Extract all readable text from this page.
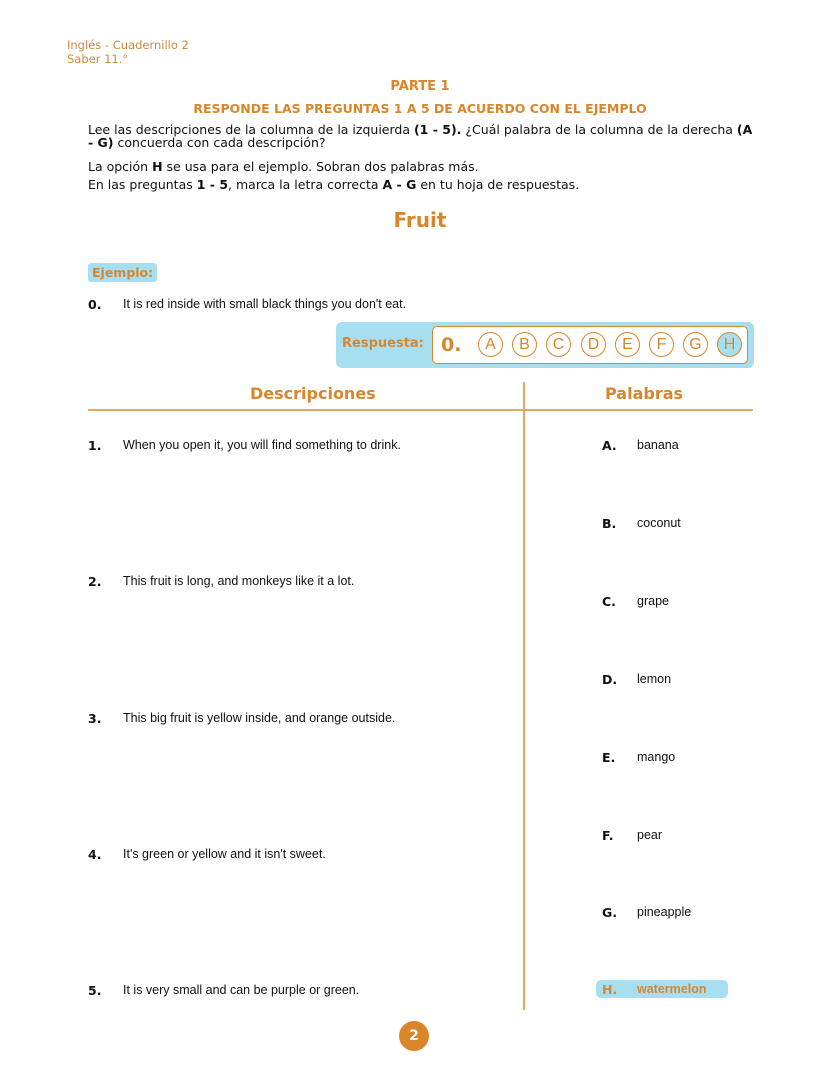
Inglés - Cuadernillo 2
Saber 11.°
PARTE 1
RESPONDE LAS PREGUNTAS 1 A 5 DE ACUERDO CON EL EJEMPLO
Lee las descripciones de la columna de la izquierda (1 - 5). ¿Cuál palabra de la columna de la derecha (A - G) concuerda con cada descripción?
La opción H se usa para el ejemplo. Sobran dos palabras más.
En las preguntas 1 - 5, marca la letra correcta A - G en tu hoja de respuestas.
Fruit
Ejemplo:
0. It is red inside with small black things you don't eat.
Respuesta: 0.	A	B	C	D	E	F	G	H
Descripciones	Palabras
1. When you open it, you will find something to drink.
2. This fruit is long, and monkeys like it a lot.
3. This big fruit is yellow inside, and orange outside.
4. It's green or yellow and it isn't sweet.
5. It is very small and can be purple or green.
A. banana
B. coconut
C. grape
D. lemon
E. mango
F. pear
G. pineapple
H. watermelon
2
